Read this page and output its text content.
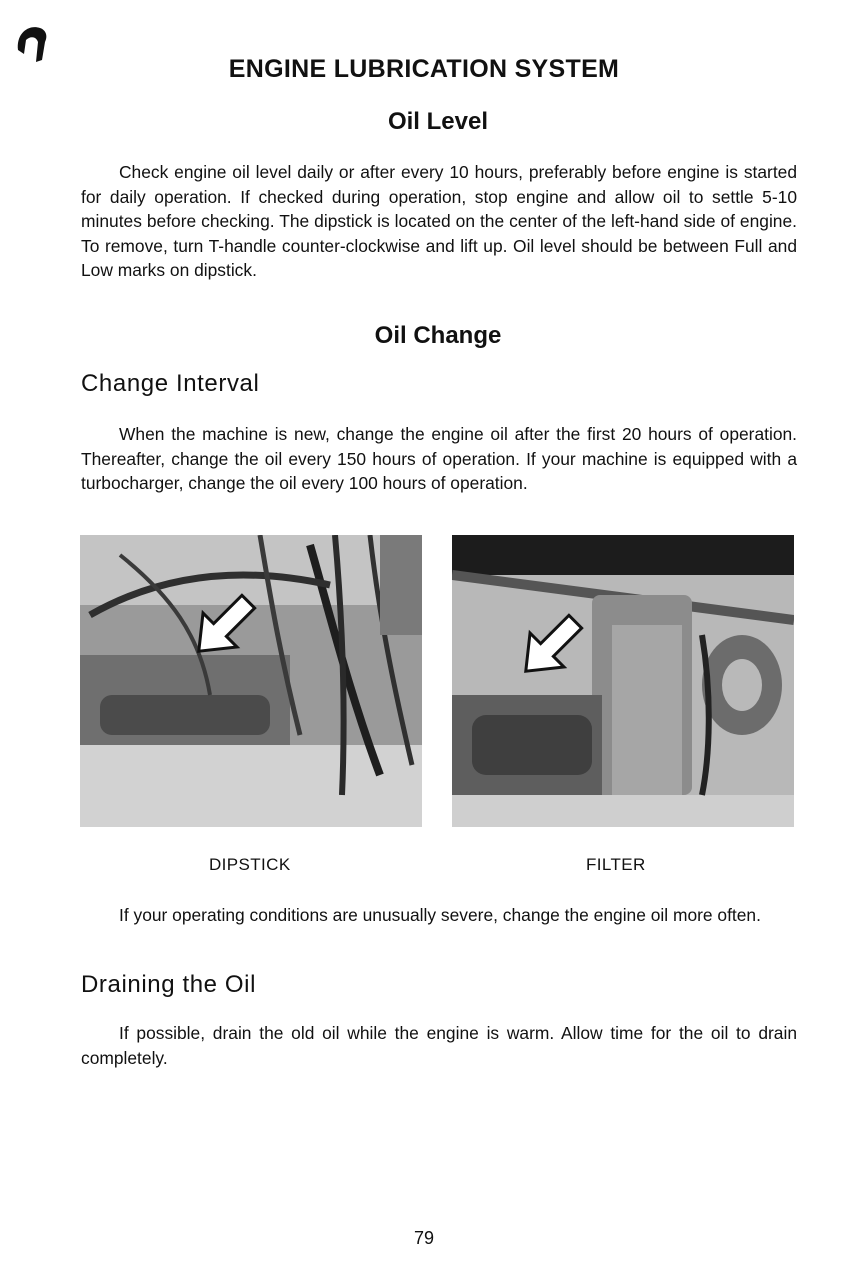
ENGINE LUBRICATION SYSTEM
Oil Level

Check engine oil level daily or after every 10 hours, preferably before engine is started for daily operation. If checked during operation, stop engine and allow oil to settle 5-10 minutes before checking. The dipstick is located on the center of the left-hand side of engine. To remove, turn T-handle counter-clockwise and lift up. Oil level should be between Full and Low marks on dipstick.

Oil Change
Change Interval

When the machine is new, change the engine oil after the first 20 hours of operation. Thereafter, change the oil every 150 hours of operation. If your machine is equipped with a turbocharger, change the oil every 100 hours of operation.

DIPSTICK	FILTER

If your operating conditions are unusually severe, change the engine oil more often.

Draining the Oil

If possible, drain the old oil while the engine is warm. Allow time for the oil to drain completely.

79
